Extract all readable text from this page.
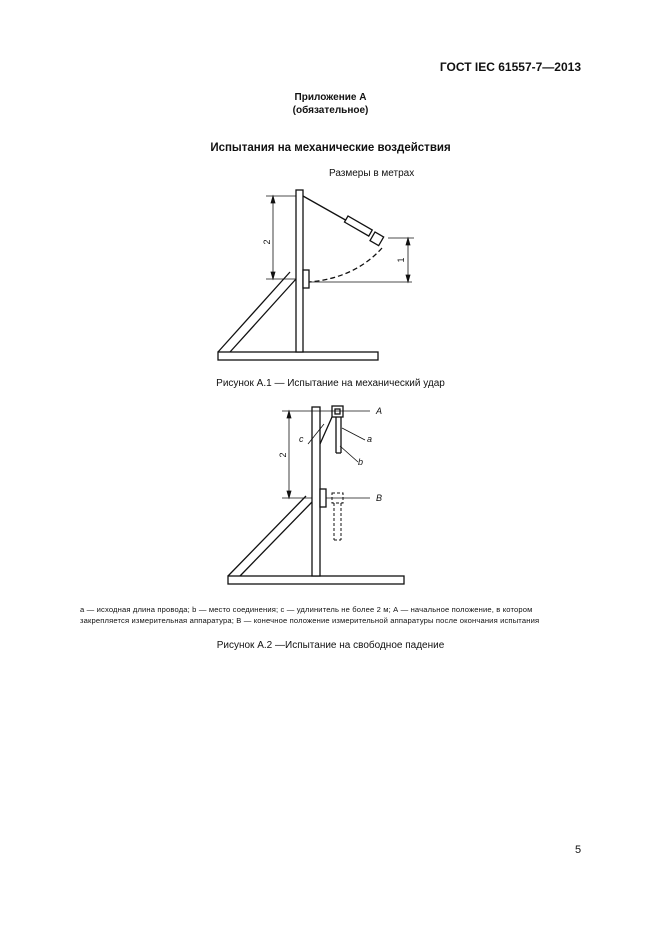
ГОСТ IEC 61557-7—2013
Приложение А
(обязательное)
Испытания на механические воздействия
Размеры в метрах
2
1
Рисунок А.1 — Испытание на механический удар
2
A
B
a
b
c
а — исходная длина провода; b — место соединения; с — удлинитель не более 2 м; А — начальное положение, в котором
закрепляется измерительная аппаратура; В — конечное положение измерительной аппаратуры после окончания испытания
Рисунок А.2 —Испытание на свободное падение
5
